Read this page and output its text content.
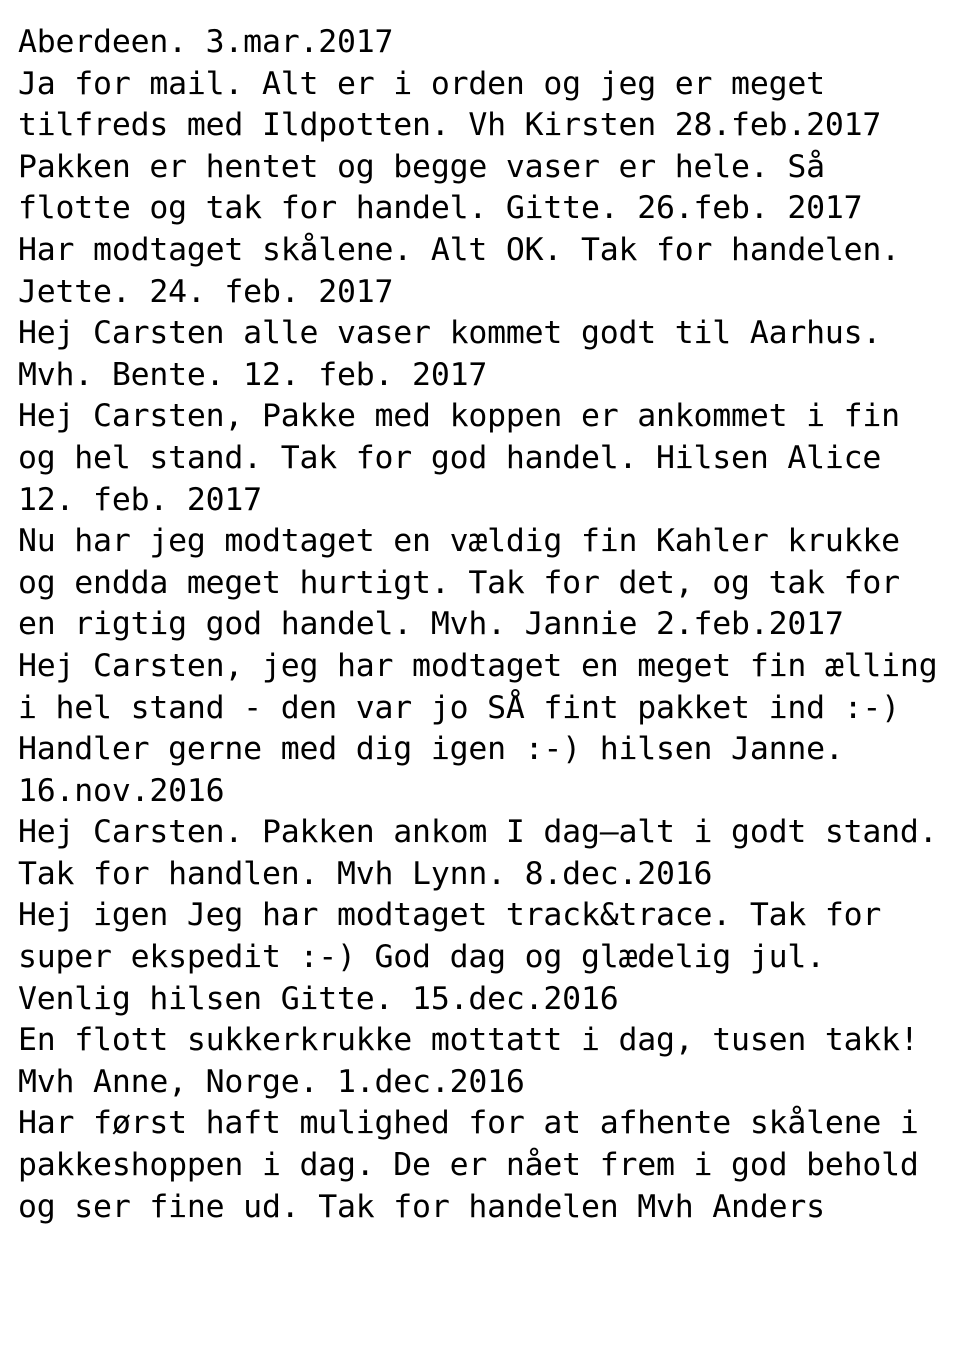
Aberdeen. 3.mar.2017
Ja for mail. Alt er i orden og jeg er meget tilfreds med Ildpotten. Vh Kirsten 28.feb.2017
Pakken er hentet og begge vaser er hele. Så flotte og tak for handel. Gitte. 26.feb. 2017
Har modtaget skålene. Alt OK. Tak for handelen. Jette. 24. feb. 2017
Hej Carsten alle vaser kommet godt til Aarhus. Mvh. Bente. 12. feb. 2017
Hej Carsten, Pakke med koppen er ankommet i fin og hel stand. Tak for god handel. Hilsen Alice 12. feb. 2017
Nu har jeg modtaget en vældig fin Kahler krukke og endda meget hurtigt. Tak for det, og tak for en rigtig god handel. Mvh. Jannie 2.feb.2017
Hej Carsten, jeg har modtaget en meget fin ælling i hel stand - den var jo SÅ fint pakket ind :-) Handler gerne med dig igen :-) hilsen Janne. 16.nov.2016
Hej Carsten. Pakken ankom I dag—alt i godt stand. Tak for handlen. Mvh Lynn. 8.dec.2016
Hej igen Jeg har modtaget track&trace. Tak for super ekspedit :-) God dag og glædelig jul. Venlig hilsen Gitte. 15.dec.2016
En flott sukkerkrukke mottatt i dag, tusen takk! Mvh Anne, Norge. 1.dec.2016
Har først haft mulighed for at afhente skålene i pakkeshoppen i dag. De er nået frem i god behold og ser fine ud. Tak for handelen Mvh Anders
